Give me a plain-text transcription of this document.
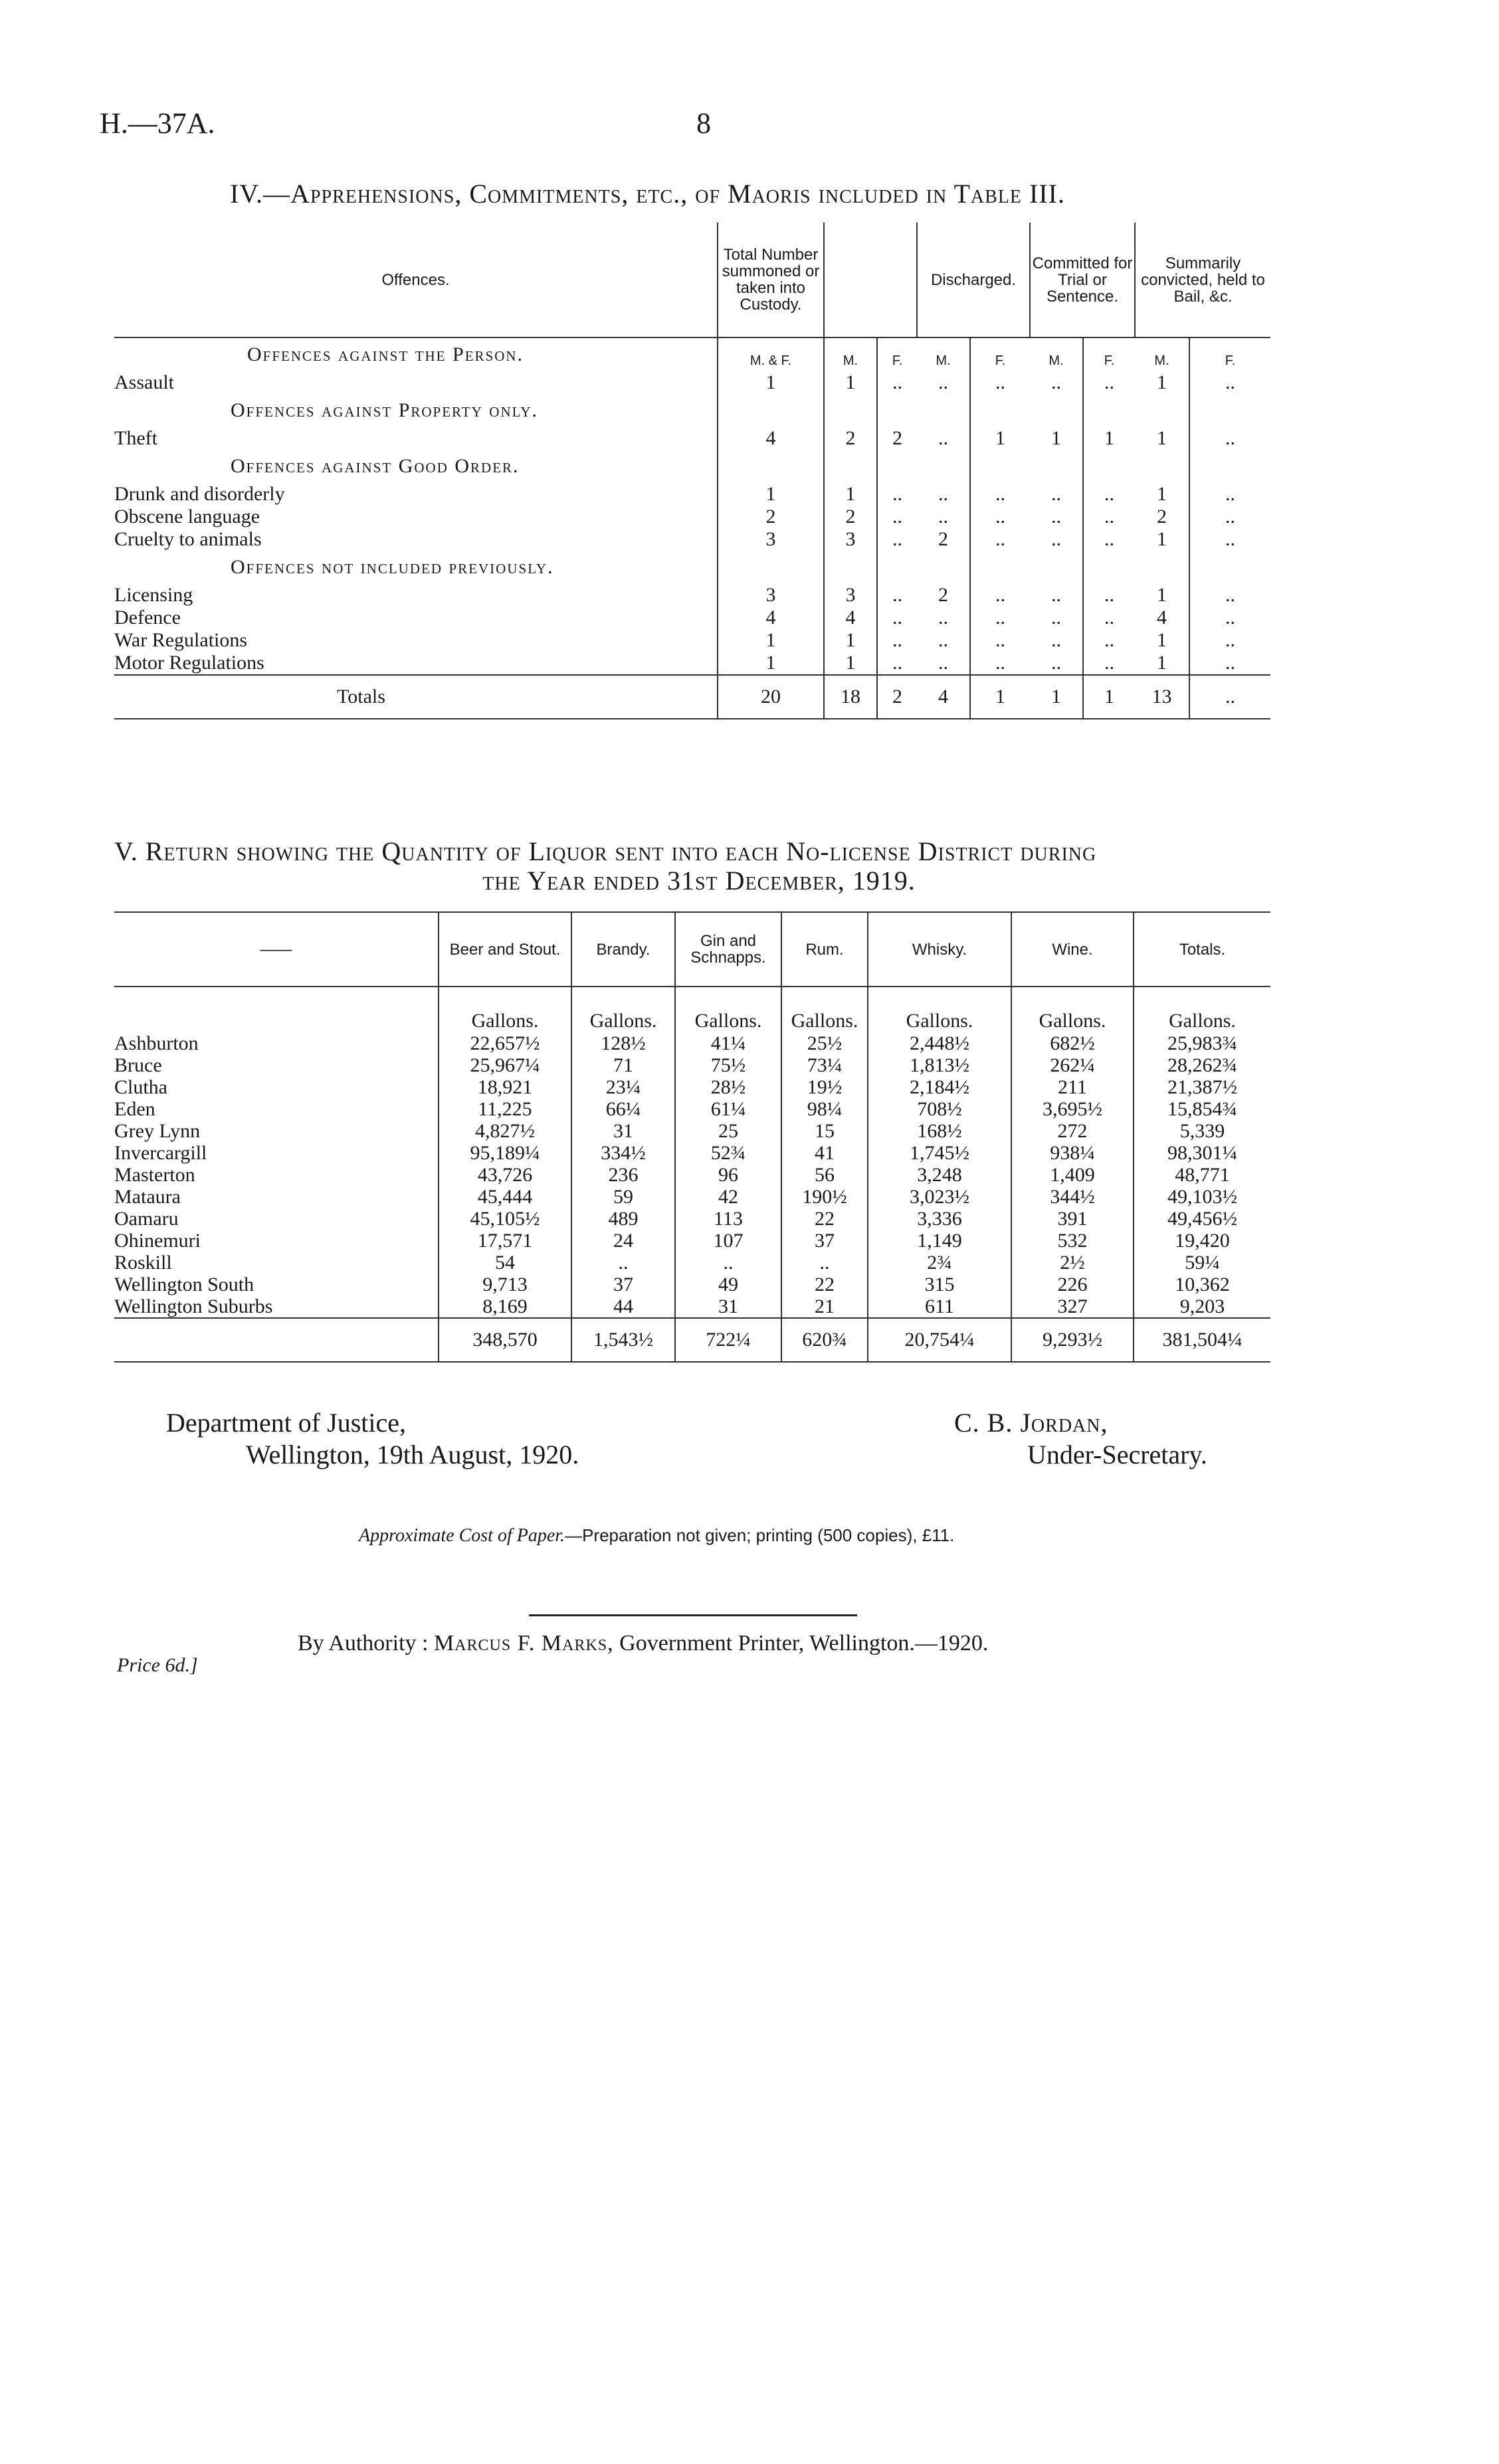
H.—37A.	8
IV.—Apprehensions, Commitments, etc., of Maoris included in Table III.
Offences.	Total Number summoned or taken into Custody.			Discharged.		Committed for Trial or Sentence.		Summarily convicted, held to Bail, &c.	
Offences against the Person.	M. & F.	M.	F.	M.	F.	M.	F.	M.	F.
Assault	1	1	..	..	..	..	..	1	..
Offences against Property only.									
Theft	4	2	2	..	1	1	1	1	..
Offences against Good Order.									
Drunk and disorderly	1	1	..	..	..	..	..	1	..
Obscene language	2	2	..	..	..	..	..	2	..
Cruelty to animals	3	3	..	2	..	..	..	1	..
Offences not included previously.									
Licensing	3	3	..	2	..	..	..	1	..
Defence	4	4	..	..	..	..	..	4	..
War Regulations	1	1	..	..	..	..	..	1	..
Motor Regulations	1	1	..	..	..	..	..	1	..
Totals	20	18	2	4	1	1	1	13	..
V. Return showing the Quantity of Liquor sent into each No-license District during
the Year ended 31st December, 1919.
——	Beer and Stout.	Brandy.	Gin and Schnapps.	Rum.	Whisky.	Wine.	Totals.
	Gallons.	Gallons.	Gallons.	Gallons.	Gallons.	Gallons.	Gallons.
Ashburton	22,657½	128½	41¼	25½	2,448½	682½	25,983¾
Bruce	25,967¼	71	75½	73¼	1,813½	262¼	28,262¾
Clutha	18,921	23¼	28½	19½	2,184½	211	21,387½
Eden	11,225	66¼	61¼	98¼	708½	3,695½	15,854¾
Grey Lynn	4,827½	31	25	15	168½	272	5,339
Invercargill	95,189¼	334½	52¾	41	1,745½	938¼	98,301¼
Masterton	43,726	236	96	56	3,248	1,409	48,771
Mataura	45,444	59	42	190½	3,023½	344½	49,103½
Oamaru	45,105½	489	113	22	3,336	391	49,456½
Ohinemuri	17,571	24	107	37	1,149	532	19,420
Roskill	54	..	..	..	2¾	2½	59¼
Wellington South	9,713	37	49	22	315	226	10,362
Wellington Suburbs	8,169	44	31	21	611	327	9,203
	348,570	1,543½	722¼	620¾	20,754¼	9,293½	381,504¼
Department of Justice,
Wellington, 19th August, 1920.
C. B. Jordan,
Under-Secretary.
Approximate Cost of Paper.—Preparation not given; printing (500 copies), £11.
By Authority : Marcus F. Marks, Government Printer, Wellington.—1920.
Price 6d.]
